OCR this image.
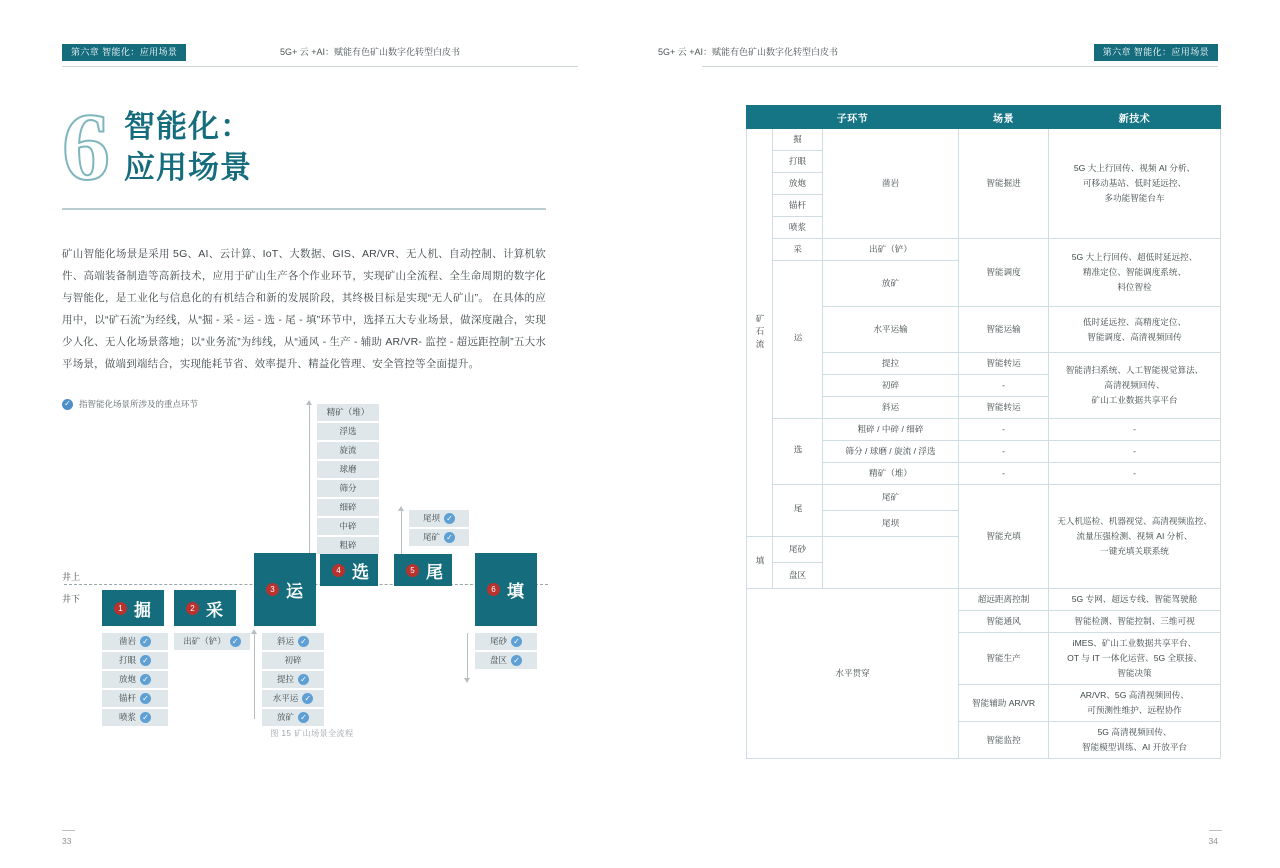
第六章 智能化：应用场景	5G+ 云 +AI：赋能有色矿山数字化转型白皮书
6 智能化：
应用场景
矿山智能化场景是采用 5G、AI、云计算、IoT、大数据、GIS、AR/VR、无人机、自动控制、计算机软件、高端装备制造等高新技术，应用于矿山生产各个作业环节，实现矿山全流程、全生命周期的数字化与智能化，是工业化与信息化的有机结合和新的发展阶段，其终极目标是实现“无人矿山”。 在具体的应用中，以“矿石流”为经线，从“掘 - 采 - 运 - 选 - 尾 - 填”环节中，选择五大专业场景，做深度融合，实现少人化、无人化场景落地；以“业务流”为纬线，从“通风 - 生产 - 辅助 AR/VR- 监控 - 超远距控制”五大水平场景，做端到端结合，实现能耗节省、效率提升、精益化管理、安全管控等全面提升。
✓ 指智能化场景所涉及的重点环节
精矿（堆）
浮选
旋流
球磨
筛分
细碎
中碎
粗碎
尾坝 ✓
尾矿 ✓
井上
井下
1 掘	2 采
3 运
4 选	5 尾
6 填
凿岩 ✓
打眼 ✓
放炮 ✓
锚杆 ✓
喷浆 ✓
出矿（铲） ✓	斜运 ✓
初碎
提拉 ✓
水平运 ✓
放矿 ✓
尾砂 ✓
盘区 ✓
图 15 矿山场景全流程
33
5G+ 云 +AI：赋能有色矿山数字化转型白皮书	第六章 智能化：应用场景
子环节			场景	新技术
矿石流	掘	凿岩	智能掘进	5G 大上行回传、视频 AI 分析、
可移动基站、低时延远控、
多功能智能台车
	打眼			
	放炮			
	锚杆			
	喷浆			
	采	出矿（铲）	智能调度	5G 大上行回传、超低时延远控、
精准定位、智能调度系统、
料位智检
	运	放矿		
		水平运输	智能运输	低时延远控、高精度定位、
智能调度、高清视频回传
		提拉	智能转运	智能清扫系统、人工智能视觉算法、
高清视频回传、
矿山工业数据共享平台
		初碎	-	
		斜运	智能转运	
	选	粗碎 / 中碎 / 细碎	-	-
		筛分 / 球磨 / 旋流 / 浮选	-	-
		精矿（堆）	-	-
	尾	尾矿	智能充填	无人机巡检、机器视觉、高清视频监控、
流量压强检测、视频 AI 分析、
一键充填关联系统
		尾坝		
填	尾砂			
	盘区			
水平贯穿			超远距离控制	5G 专网、超远专线、智能驾驶舱
			智能通风	智能检测、智能控制、三维可视
			智能生产	iMES、矿山工业数据共享平台、
OT 与 IT 一体化运营、5G 全联接、
智能决策
			智能辅助 AR/VR	AR/VR、5G 高清视频回传、
可预测性维护、远程协作
			智能监控	5G 高清视频回传、
智能模型训练、AI 开放平台
34
